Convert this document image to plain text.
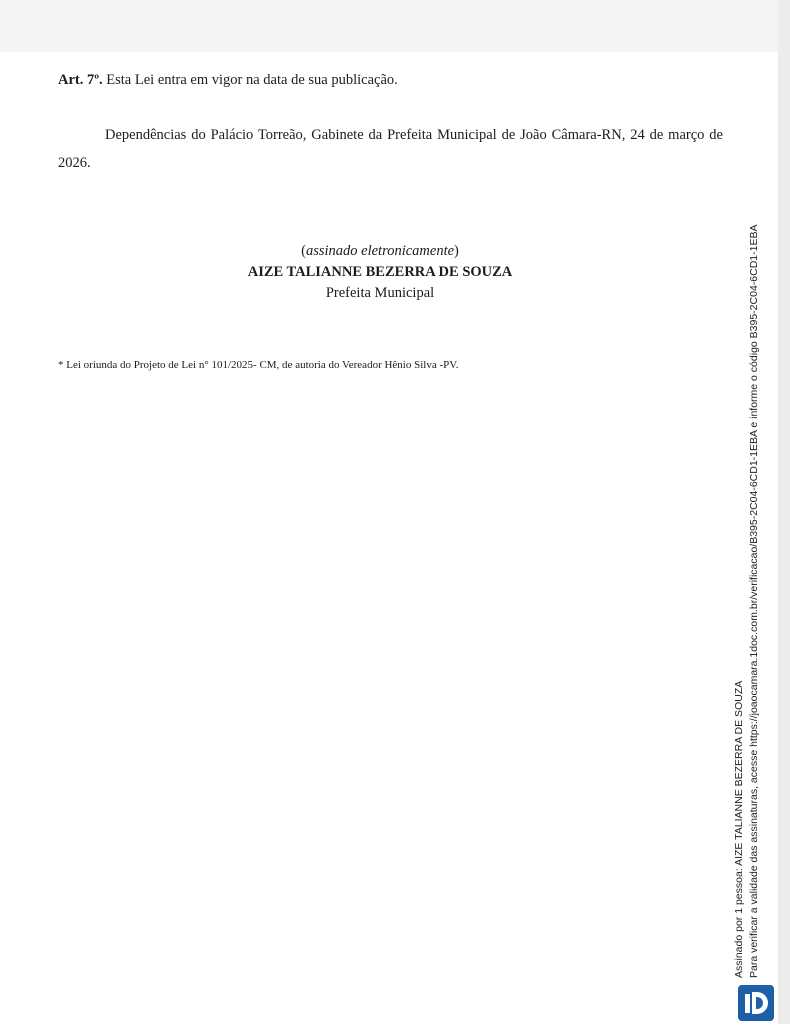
Art. 7º. Esta Lei entra em vigor na data de sua publicação.
Dependências do Palácio Torreão, Gabinete da Prefeita Municipal de João Câmara-RN, 24 de março de 2026.
(assinado eletronicamente)
AIZE TALIANNE BEZERRA DE SOUZA
Prefeita Municipal
* Lei oriunda do Projeto de Lei n° 101/2025- CM, de autoria do Vereador Hênio Silva -PV.
Assinado por 1 pessoa: AIZE TALIANNE BEZERRA DE SOUZA Para verificar a validade das assinaturas, acesse https://joaocamara.1doc.com.br/verificacao/B395-2C04-6CD1-1EBA e informe o código B395-2C04-6CD1-1EBA
